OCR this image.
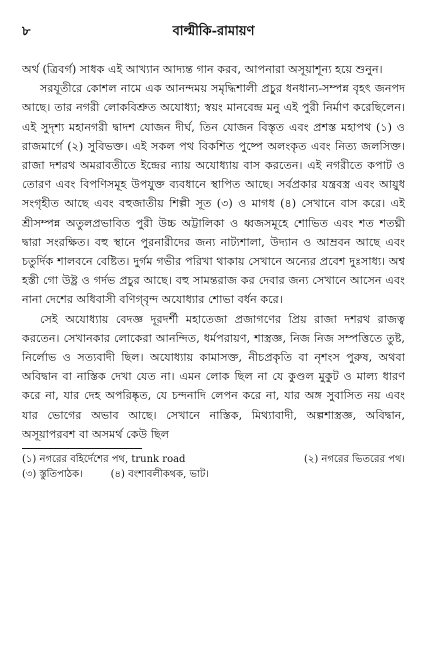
৮	বাল্মীকি-রামায়ণ

অর্থ (ত্রিবর্গ) সাধক এই আখ্যান আদ্যন্ত গান করব, আপনারা অসূয়াশূন্য হয়ে শুনুন।

সরযূতীরে কোশল নামে এক আনন্দময় সমৃদ্ধিশালী প্রচুর ধনধান্য-সম্পন্ন বৃহৎ জনপদ আছে। তার নগরী লোকবিশ্রুত অযোধ্যা; স্বয়ং মানবেন্দ্র মনু এই পুরী নির্মাণ করেছিলেন। এই সুদৃশ্য মহানগরী দ্বাদশ যোজন দীর্ঘ, তিন যোজন বিস্তৃত এবং প্রশস্ত মহাপথ (১) ও রাজমার্গে (২) সুবিভক্ত। এই সকল পথ বিকশিত পুষ্পে অলংকৃত এবং নিত্য জলসিক্ত। রাজা দশরথ অমরাবতীতে ইন্দ্রের ন্যায় অযোধ্যায় বাস করতেন। এই নগরীতে কপাট ও তোরণ এবং বিপণিসমূহ উপযুক্ত ব্যবধানে স্থাপিত আছে। সর্বপ্রকার যন্ত্রবস্ত্র এবং আয়ুধ সংগৃহীত আছে এবং বহুজাতীয় শিল্পী সূত (৩) ও মাগধ (৪) সেখানে বাস করে। এই শ্রীসম্পন্ন অতুলপ্রভাবিত পুরী উচ্চ অট্টালিকা ও ধ্বজসমূহে শোভিত এবং শত শতঘ্নী দ্বারা সংরক্ষিত। বহু স্থানে পুরনারীদের জন্য নাট্যশালা, উদ্যান ও আম্রবন আছে এবং চতুর্দিক শালবনে বেষ্টিত। দুর্গম গভীর পরিখা থাকায় সেখানে অন্যের প্রবেশ দুঃসাধ্য। অশ্ব হস্তী গো উষ্ট্র ও গর্দভ প্রচুর আছে। বহু সামন্তরাজ কর দেবার জন্য সেখানে আসেন এবং নানা দেশের অধিবাসী বণিগ্‌বৃন্দ অযোধ্যার শোভা বর্ধন করে।

সেই অযোধ্যায় বেদজ্ঞ দূরদর্শী মহাতেজা প্রজাগণের প্রিয় রাজা দশরথ রাজত্ব করতেন। সেখানকার লোকেরা আনন্দিত, ধর্মপরায়ণ, শাস্ত্রজ্ঞ, নিজ নিজ সম্পত্তিতে তুষ্ট, নির্লোভ ও সত্যবাদী ছিল। অযোধ্যায় কামাসক্ত, নীচপ্রকৃতি বা নৃশংস পুরুষ, অথবা অবিদ্বান বা নাস্তিক দেখা যেত না। এমন লোক ছিল না যে কুণ্ডল মুকুট ও মাল্য ধারণ করে না, যার দেহ অপরিষ্কৃত, যে চন্দনাদি লেপন করে না, যার অঙ্গ সুবাসিত নয় এবং যার ভোগের অভাব আছে। সেখানে নাস্তিক, মিথ্যাবাদী, অল্পশাস্ত্রজ্ঞ, অবিদ্বান, অসূয়াপরবশ বা অসমর্থ কেউ ছিল

(১) নগরের বহির্দেশের পথ, trunk road	(২) নগরের ভিতরের পথ।
(৩) স্তুতিপাঠক।	(৪) বংশাবলীকথক, ভাট।
